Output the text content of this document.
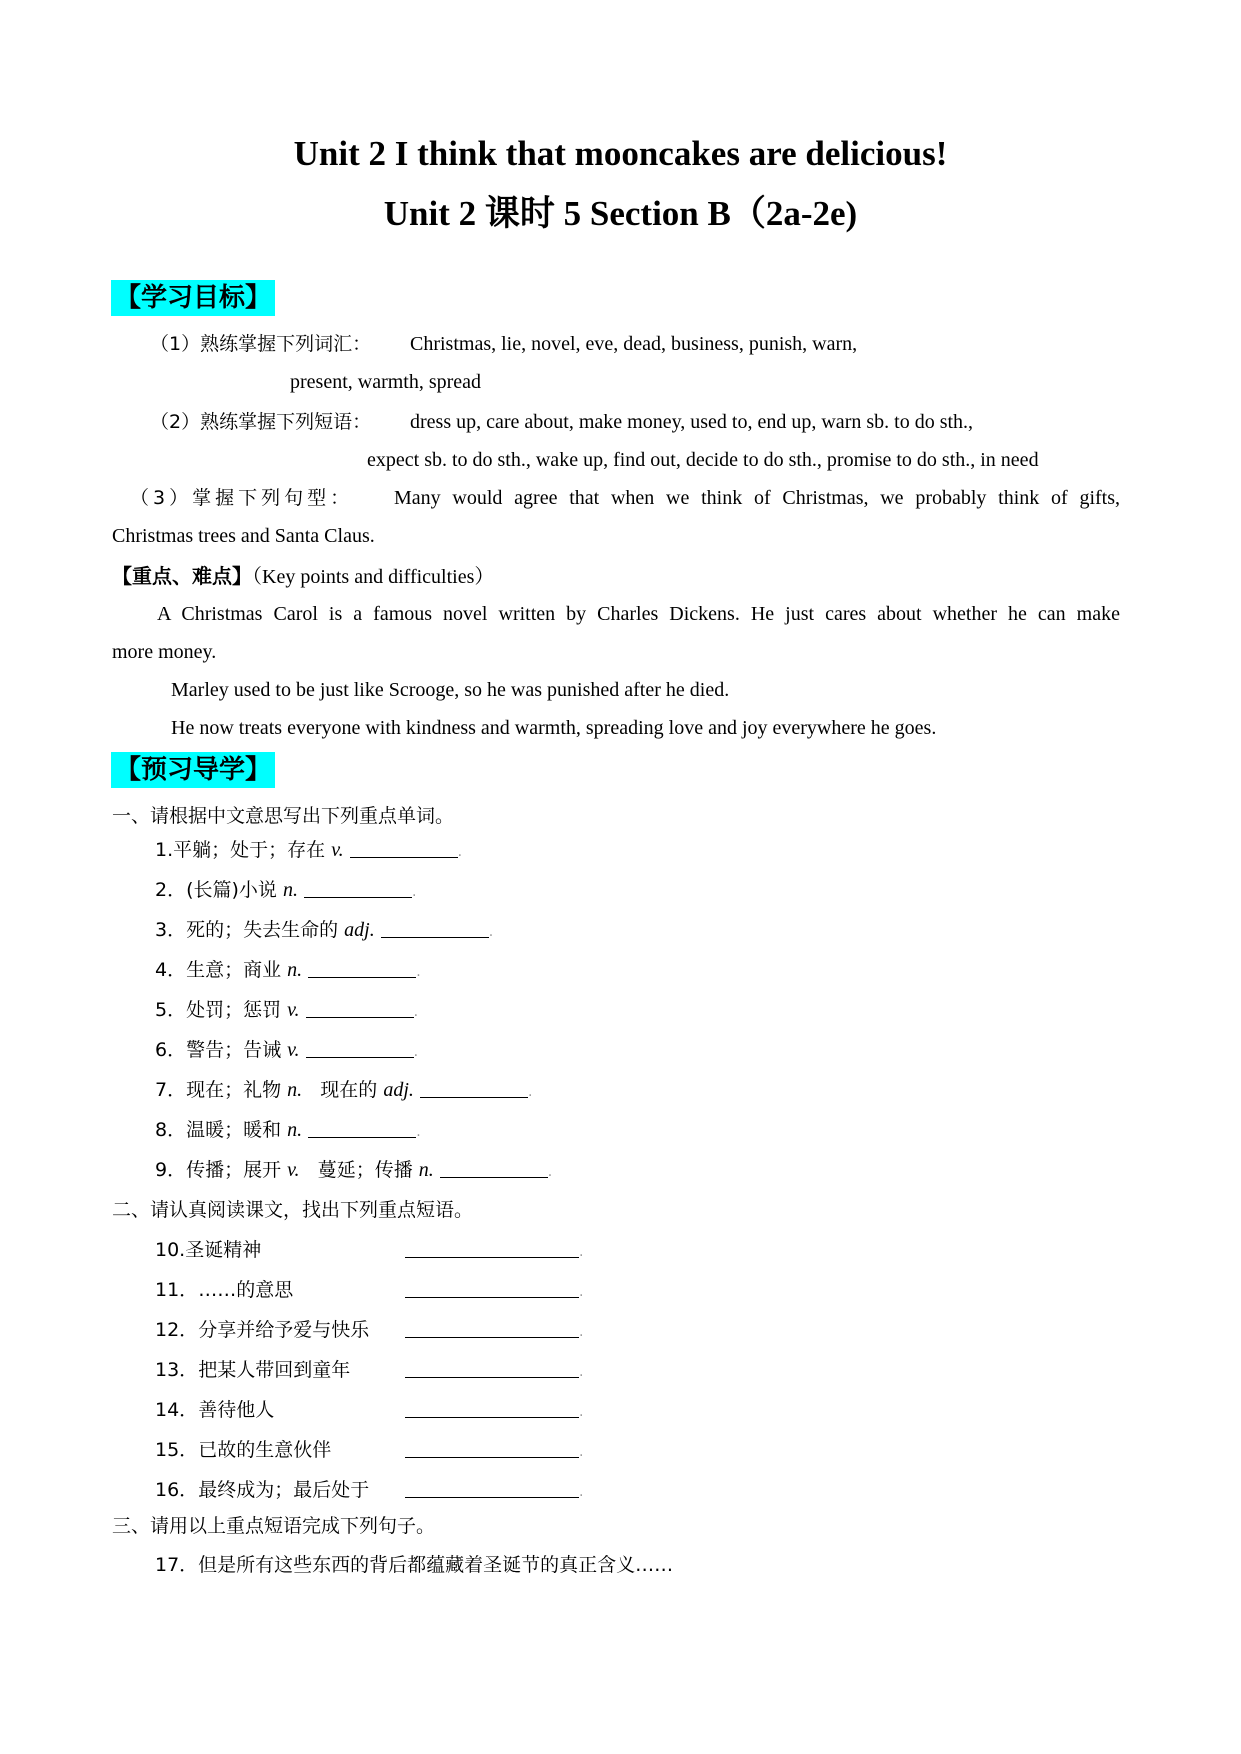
Unit 2 I think that mooncakes are delicious!
Unit 2 课时 5 Section B（2a-2e)
【学习目标】
（1）熟练掌握下列词汇： Christmas, lie, novel, eve, dead, business, punish, warn,
present, warmth, spread
（2）熟练掌握下列短语： dress up, care about, make money, used to, end up, warn sb. to do sth.,
expect sb. to do sth., wake up, find out, decide to do sth., promise to do sth., in need
（3）掌握下列句型： Many would agree that when we think of Christmas, we probably think of gifts,
Christmas trees and Santa Claus.
【重点、难点】（Key points and difficulties）
A Christmas Carol is a famous novel written by Charles Dickens. He just cares about whether he can make
more money.
Marley used to be just like Scrooge, so he was punished after he died.
He now treats everyone with kindness and warmth, spreading love and joy everywhere he goes.
【预习导学】
一、请根据中文意思写出下列重点单词。
1.平躺；处于；存在 v.	.
2．(长篇)小说 n.	.
3．死的；失去生命的 adj.	.
4．生意；商业 n.	.
5．处罚；惩罚 v.	.
6．警告；告诫 v.	.
7．现在；礼物 n. 现在的 adj.	.
8．温暖；暖和 n.	.
9．传播；展开 v. 蔓延；传播 n.	.
二、请认真阅读课文，找出下列重点短语。
10.圣诞精神	.
11．……的意思	.
12．分享并给予爱与快乐	.
13．把某人带回到童年	.
14．善待他人	.
15．已故的生意伙伴	.
16．最终成为；最后处于	.
三、请用以上重点短语完成下列句子。
17．但是所有这些东西的背后都蕴藏着圣诞节的真正含义……
